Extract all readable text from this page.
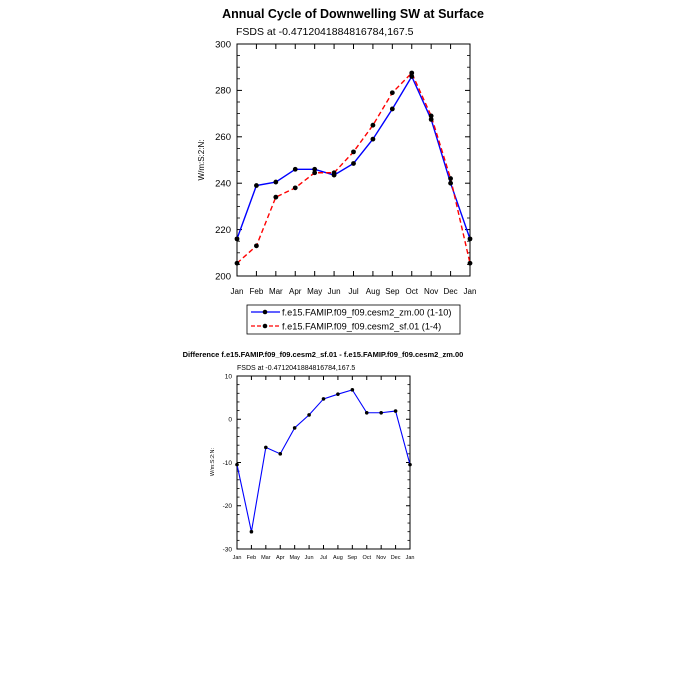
Annual Cycle of Downwelling SW at Surface
FSDS at -0.4712041884816784,167.5
W/m:S:2:N:
200
220
240
260
280
300
Jan Feb Mar Apr May Jun Jul Aug Sep Oct Nov Dec Jan
f.e15.FAMIP.f09_f09.cesm2_zm.00 (1-10)
f.e15.FAMIP.f09_f09.cesm2_sf.01 (1-4)
Difference f.e15.FAMIP.f09_f09.cesm2_sf.01 - f.e15.FAMIP.f09_f09.cesm2_zm.00
FSDS at -0.4712041884816784,167.5
W/m:S:2:N:
-30
-20
-10
0
10
Jan Feb Mar Apr May Jun Jul Aug Sep Oct Nov Dec Jan
